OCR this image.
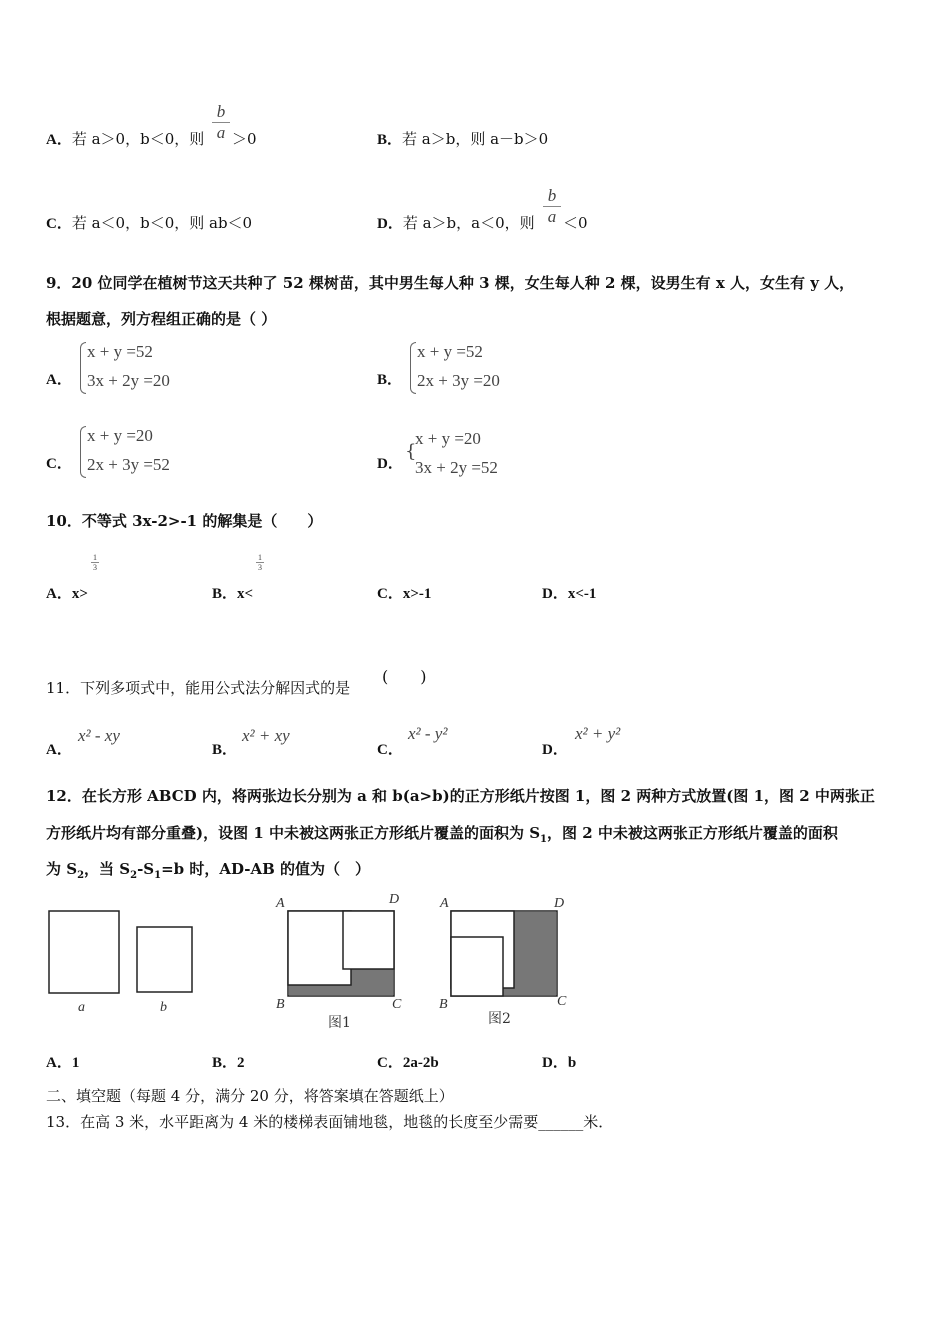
A．若 a＞0，b＜0，则
b
a ＞0	B．若 a＞b，则 a－b＞0
C．若 a＜0，b＜0，则 ab＜0	D．若 a＞b，a＜0，则
b
a ＜0
9．20 位同学在植树节这天共种了 52 棵树苗，其中男生每人种 3 棵，女生每人种 2 棵，设男生有 x 人，女生有 y 人，
根据题意，列方程组正确的是（ ）
A．
x + y =52
3x + 2y =20	B．
x + y =52
2x + 3y =20
C．
x + y =20
2x + 3y =52	D．
{
x + y =20
3x + 2y =52
10．不等式 3x-2>-1 的解集是（　　）
A．x>
1
3
B．x<
1
3
C．x>-1	D．x<-1
11．下列多项式中，能用公式法分解因式的是
(　　)
A．
x² - xy
B．
x² + xy
C．
x² - y²
D．
x² + y²
12．在长方形 ABCD 内，将两张边长分别为 a 和 b(a>b)的正方形纸片按图 1，图 2 两种方式放置(图 1，图 2 中两张正
方形纸片均有部分重叠)，设图 1 中未被这两张正方形纸片覆盖的面积为 $S_1$，图 2 中未被这两张正方形纸片覆盖的面积
为 $S_2$，当 $S_2-S_1=b$ 时，AD-AB 的值为（　）
a	b
A	D
B	C
图1
A	D
B	C
图2
A．1	B．2	C．2a-2b	D．b
二、填空题（每题 4 分，满分 20 分，将答案填在答题纸上）
13．在高 3 米，水平距离为 4 米的楼梯表面铺地毯，地毯的长度至少需要______米．
